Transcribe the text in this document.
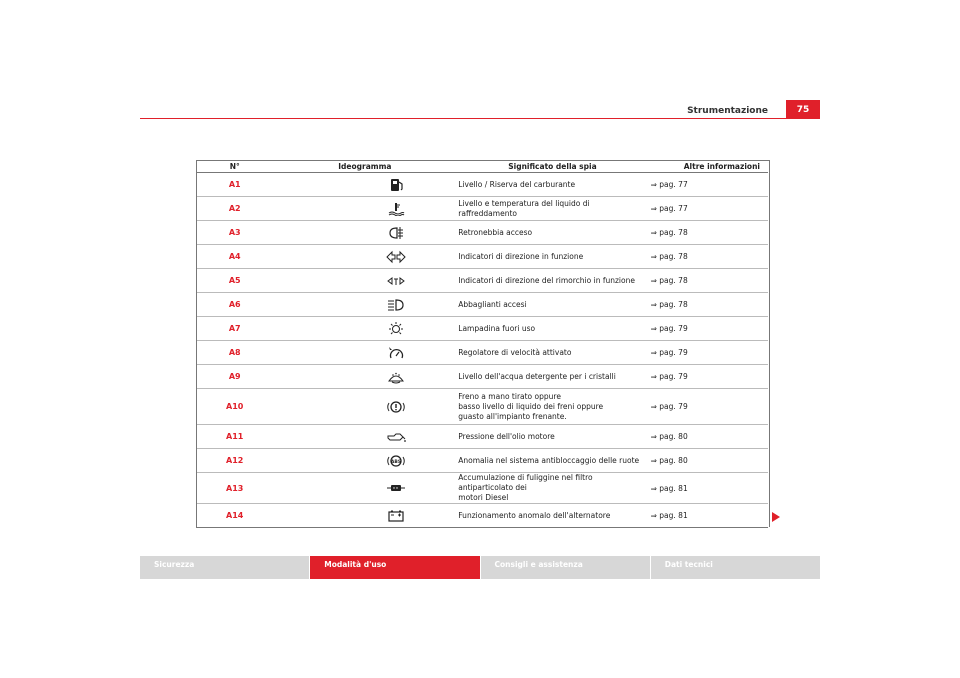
Strumentazione	75
N°	Ideogramma	Significato della spia	Altre informazioni
A1		Livello / Riserva del carburante	⇒ pag. 77
A2		Livello e temperatura del liquido di raffreddamento	⇒ pag. 77
A3		Retronebbia acceso	⇒ pag. 78
A4		Indicatori di direzione in funzione	⇒ pag. 78
A5		Indicatori di direzione del rimorchio in funzione	⇒ pag. 78
A6		Abbaglianti accesi	⇒ pag. 78
A7		Lampadina fuori uso	⇒ pag. 79
A8		Regolatore di velocità attivato	⇒ pag. 79
A9		Livello dell'acqua detergente per i cristalli	⇒ pag. 79
A10		Freno a mano tirato oppure
basso livello di liquido dei freni oppure
guasto all'impianto frenante.	⇒ pag. 79
A11		Pressione dell'olio motore	⇒ pag. 80
A12	ABS	Anomalia nel sistema antibloccaggio delle ruote	⇒ pag. 80
A13		Accumulazione di fuliggine nel filtro antiparticolato dei
motori Diesel	⇒ pag. 81
A14		Funzionamento anomalo dell'alternatore	⇒ pag. 81
Sicurezza	Modalità d'uso	Consigli e assistenza	Dati tecnici
